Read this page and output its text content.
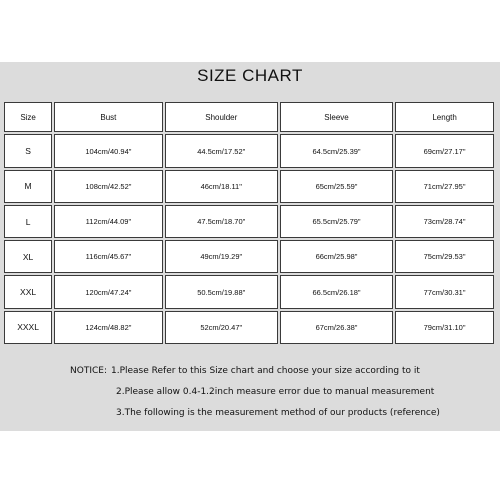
SIZE CHART
Size	Bust	Shoulder	Sleeve	Length
S	104cm/40.94"	44.5cm/17.52"	64.5cm/25.39"	69cm/27.17"
M	108cm/42.52"	46cm/18.11"	65cm/25.59"	71cm/27.95"
L	112cm/44.09"	47.5cm/18.70"	65.5cm/25.79"	73cm/28.74"
XL	116cm/45.67"	49cm/19.29"	66cm/25.98"	75cm/29.53"
XXL	120cm/47.24"	50.5cm/19.88"	66.5cm/26.18"	77cm/30.31"
XXXL	124cm/48.82"	52cm/20.47"	67cm/26.38"	79cm/31.10"
NOTICE: 1.Please Refer to this Size chart and choose your size according to it
2.Please allow 0.4-1.2inch measure error due to manual measurement
3.The following is the measurement method of our products (reference)
